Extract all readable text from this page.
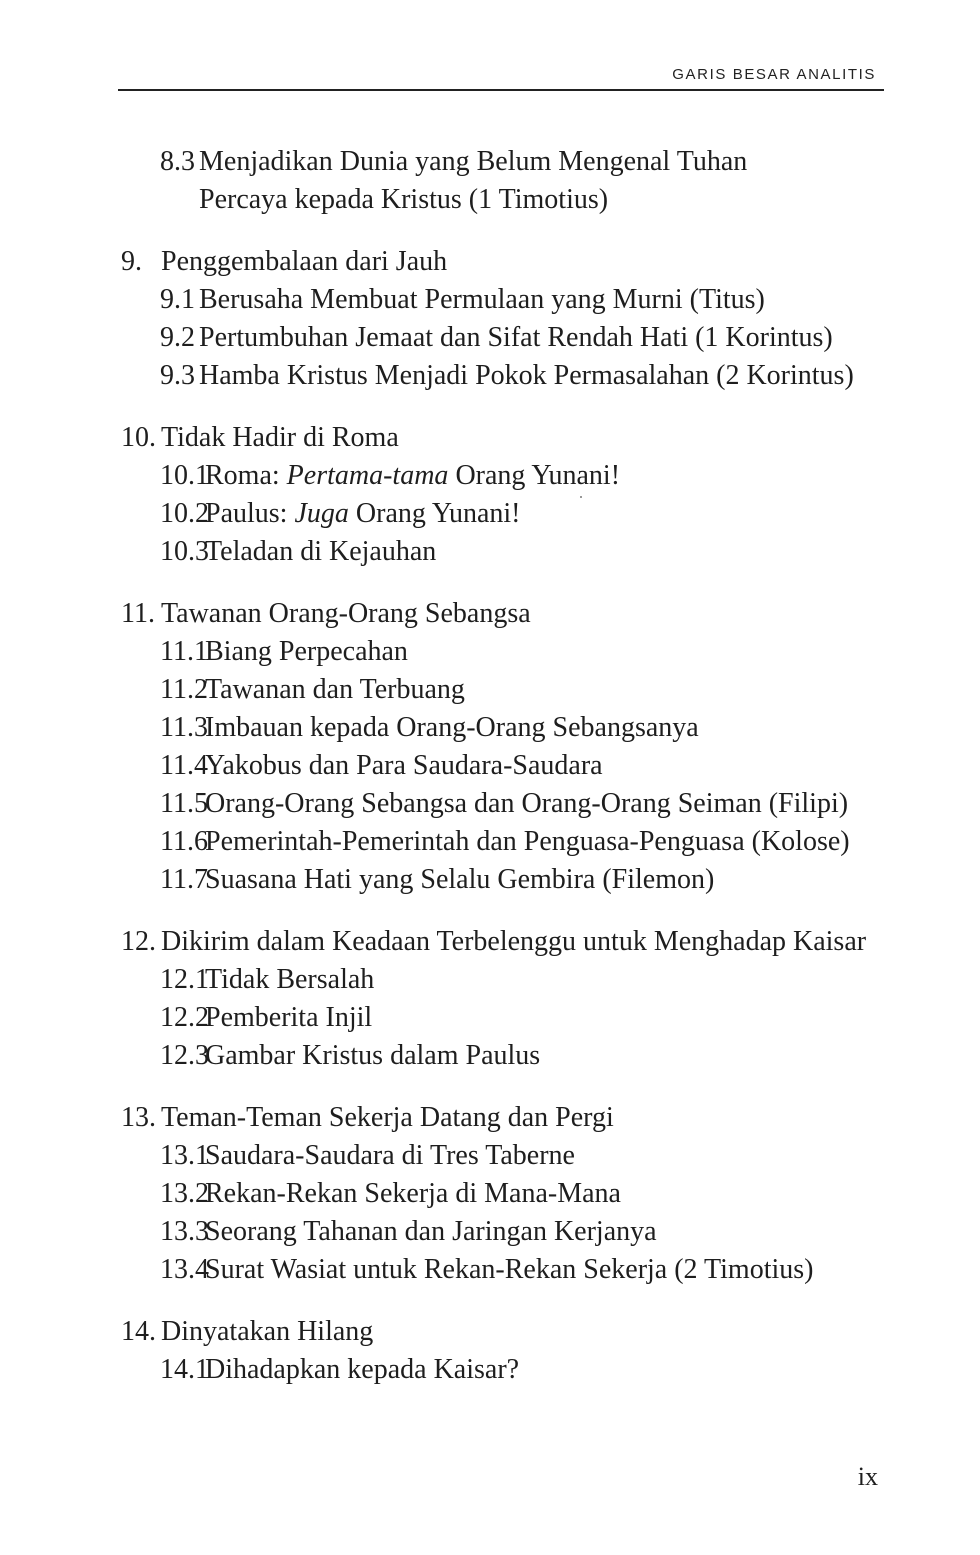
GARIS BESAR ANALITIS
8.3 Menjadikan Dunia yang Belum Mengenal Tuhan
Percaya kepada Kristus (1 Timotius)
9. Penggembalaan dari Jauh
9.1 Berusaha Membuat Permulaan yang Murni (Titus)
9.2 Pertumbuhan Jemaat dan Sifat Rendah Hati (1 Korintus)
9.3 Hamba Kristus Menjadi Pokok Permasalahan (2 Korintus)
10. Tidak Hadir di Roma
10.1
Roma: Pertama-tama Orang Yunani!
10.2
Paulus: Juga Orang Yunani!
10.3
Teladan di Kejauhan
11. Tawanan Orang-Orang Sebangsa
11.1
Biang Perpecahan
11.2
Tawanan dan Terbuang
11.3
Imbauan kepada Orang-Orang Sebangsanya
11.4
Yakobus dan Para Saudara-Saudara
11.5
Orang-Orang Sebangsa dan Orang-Orang Seiman (Filipi)
11.6
Pemerintah-Pemerintah dan Penguasa-Penguasa (Kolose)
11.7
Suasana Hati yang Selalu Gembira (Filemon)
12. Dikirim dalam Keadaan Terbelenggu untuk Menghadap Kaisar
12.1
Tidak Bersalah
12.2
Pemberita Injil
12.3
Gambar Kristus dalam Paulus
13. Teman-Teman Sekerja Datang dan Pergi
13.1
Saudara-Saudara di Tres Taberne
13.2
Rekan-Rekan Sekerja di Mana-Mana
13.3
Seorang Tahanan dan Jaringan Kerjanya
13.4
Surat Wasiat untuk Rekan-Rekan Sekerja (2 Timotius)
14. Dinyatakan Hilang
14.1
Dihadapkan kepada Kaisar?
ix
